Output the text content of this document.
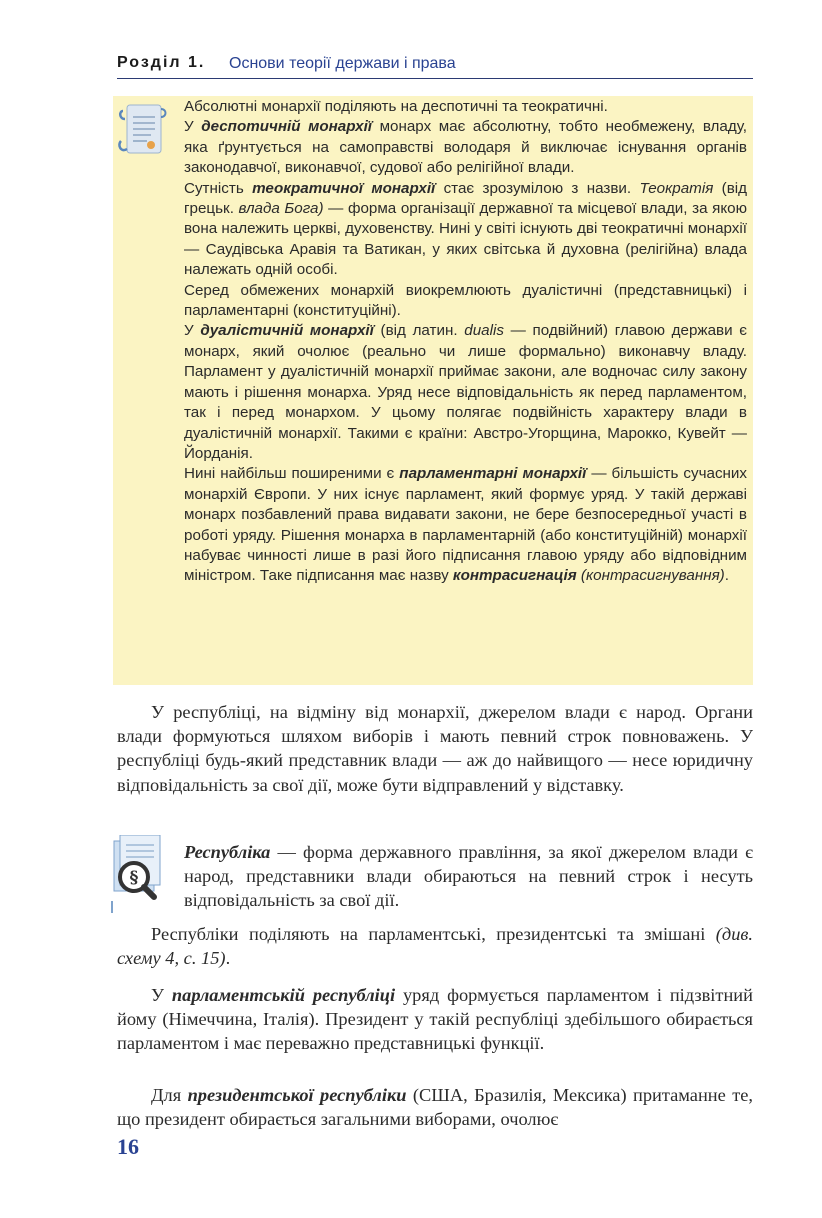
Розділ 1. Основи теорії держави і права

Абсолютні монархії поділяють на деспотичні та теократичні.

У деспотичній монархії монарх має абсолютну, тобто необмежену, владу, яка ґрунтується на самоправстві володаря й виключає існування органів законодавчої, виконавчої, судової або релігійної влади.

Сутність теократичної монархії стає зрозумілою з назви. Теократія (від грецьк. влада Бога) — форма організації державної та місцевої влади, за якою вона належить церкві, духовенству. Нині у світі існують дві теократичні монархії — Саудівська Аравія та Ватикан, у яких світська й духовна (релігійна) влада належать одній особі.

Серед обмежених монархій виокремлюють дуалістичні (представницькі) і парламентарні (конституційні).

У дуалістичній монархії (від латин. dualis — подвійний) главою держави є монарх, який очолює (реально чи лише формально) виконавчу владу. Парламент у дуалістичній монархії приймає закони, але водночас силу закону мають і рішення монарха. Уряд несе відповідальність як перед парламентом, так і перед монархом. У цьому полягає подвійність характеру влади в дуалістичній монархії. Такими є країни: Австро-Угорщина, Марокко, Кувейт — Йорданія.

Нині найбільш поширеними є парламентарні монархії — більшість сучасних монархій Європи. У них існує парламент, який формує уряд. У такій державі монарх позбавлений права видавати закони, не бере безпосередньої участі в роботі уряду. Рішення монарха в парламентарній (або конституційній) монархії набуває чинності лише в разі його підписання главою уряду або відповідним міністром. Таке підписання має назву контрасигнація (контрасигнування).

У республіці, на відміну від монархії, джерелом влади є народ. Органи влади формуються шляхом виборів і мають певний строк повноважень. У республіці будь-який представник влади — аж до найвищого — несе юридичну відповідальність за свої дії, може бути відправлений у відставку.

§

Республіка — форма державного правління, за якої джерелом влади є народ, представники влади обираються на певний строк і несуть відповідальність за свої дії.

Республіки поділяють на парламентські, президентські та змішані (див. схему 4, с. 15).

У парламентській республіці уряд формується парламентом і підзвітний йому (Німеччина, Італія). Президент у такій республіці здебільшого обирається парламентом і має переважно представницькі функції.

Для президентської республіки (США, Бразилія, Мексика) притаманне те, що президент обирається загальними виборами, очолює

16
